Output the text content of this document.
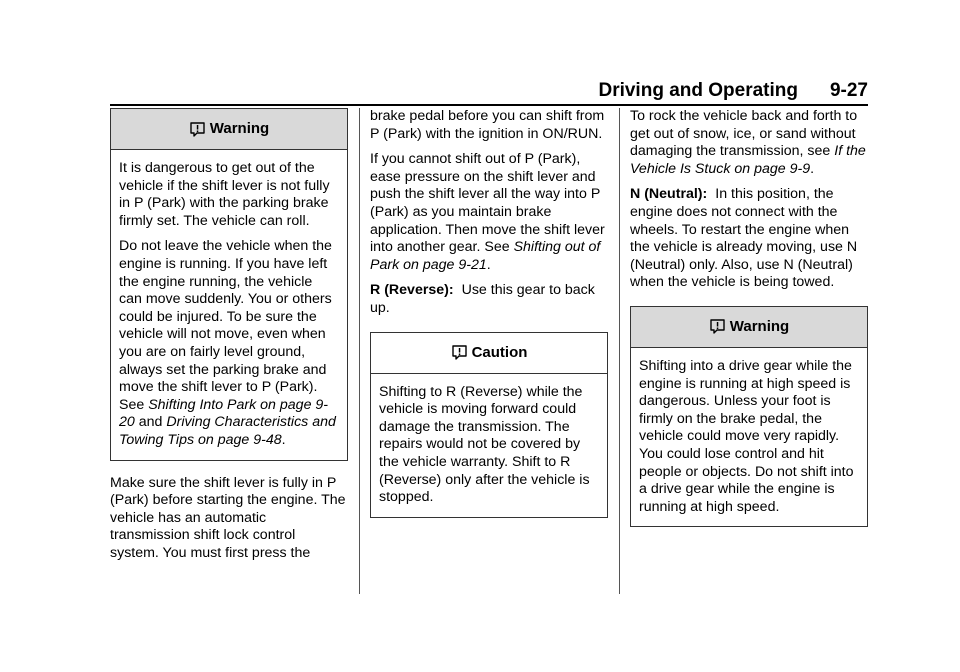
Driving and Operating 9-27
Warning

It is dangerous to get out of the vehicle if the shift lever is not fully in P (Park) with the parking brake firmly set. The vehicle can roll.

Do not leave the vehicle when the engine is running. If you have left the engine running, the vehicle can move suddenly. You or others could be injured. To be sure the vehicle will not move, even when you are on fairly level ground, always set the parking brake and move the shift lever to P (Park). See Shifting Into Park on page 9-20 and Driving Characteristics and Towing Tips on page 9-48.

Make sure the shift lever is fully in P (Park) before starting the engine. The vehicle has an automatic transmission shift lock control system. You must first press the

brake pedal before you can shift from P (Park) with the ignition in ON/RUN.

If you cannot shift out of P (Park), ease pressure on the shift lever and push the shift lever all the way into P (Park) as you maintain brake application. Then move the shift lever into another gear. See Shifting out of Park on page 9-21.

R (Reverse): Use this gear to back up.

Caution

Shifting to R (Reverse) while the vehicle is moving forward could damage the transmission. The repairs would not be covered by the vehicle warranty. Shift to R (Reverse) only after the vehicle is stopped.

To rock the vehicle back and forth to get out of snow, ice, or sand without damaging the transmission, see If the Vehicle Is Stuck on page 9-9.

N (Neutral): In this position, the engine does not connect with the wheels. To restart the engine when the vehicle is already moving, use N (Neutral) only. Also, use N (Neutral) when the vehicle is being towed.

Warning

Shifting into a drive gear while the engine is running at high speed is dangerous. Unless your foot is firmly on the brake pedal, the vehicle could move very rapidly. You could lose control and hit people or objects. Do not shift into a drive gear while the engine is running at high speed.
